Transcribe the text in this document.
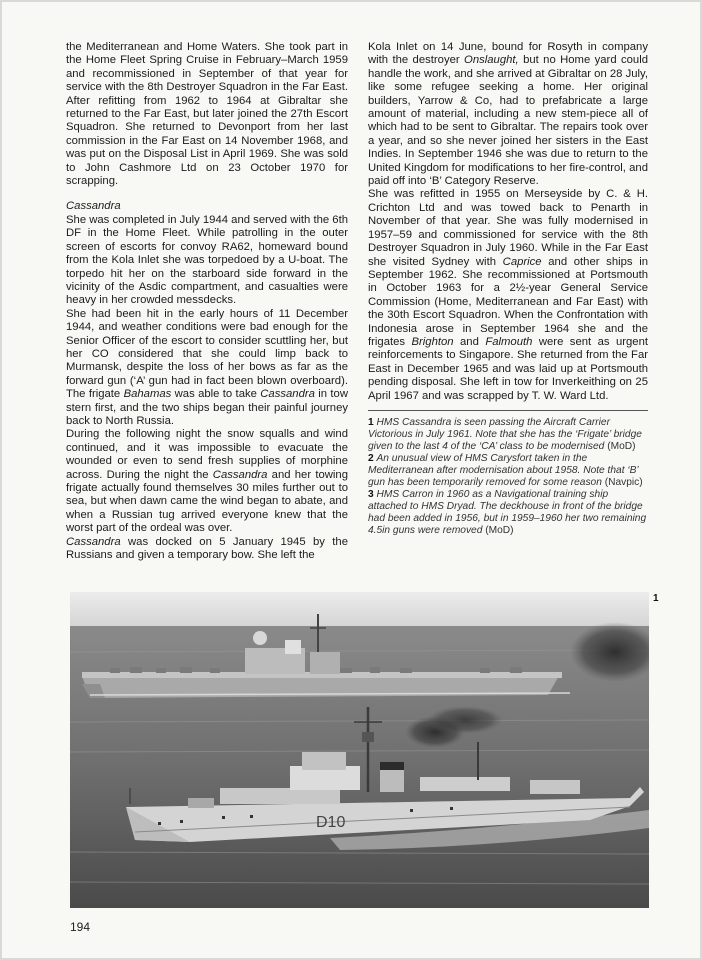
the Mediterranean and Home Waters. She took part in the Home Fleet Spring Cruise in February–March 1959 and recommissioned in September of that year for service with the 8th Destroyer Squadron in the Far East. After refitting from 1962 to 1964 at Gibraltar she returned to the Far East, but later joined the 27th Escort Squadron. She returned to Devonport from her last commission in the Far East on 14 November 1968, and was put on the Disposal List in April 1969. She was sold to John Cashmore Ltd on 23 October 1970 for scrapping.

Cassandra

She was completed in July 1944 and served with the 6th DF in the Home Fleet. While patrolling in the outer screen of escorts for convoy RA62, homeward bound from the Kola Inlet she was torpedoed by a U-boat. The torpedo hit her on the starboard side forward in the vicinity of the Asdic compartment, and casualties were heavy in her crowded messdecks.

She had been hit in the early hours of 11 December 1944, and weather conditions were bad enough for the Senior Officer of the escort to consider scuttling her, but her CO considered that she could limp back to Murmansk, despite the loss of her bows as far as the forward gun (‘A’ gun had in fact been blown overboard). The frigate Bahamas was able to take Cassandra in tow stern first, and the two ships began their painful journey back to North Russia.

During the following night the snow squalls and wind continued, and it was impossible to evacuate the wounded or even to send fresh supplies of morphine across. During the night the Cassandra and her towing frigate actually found themselves 30 miles further out to sea, but when dawn came the wind began to abate, and when a Russian tug arrived everyone knew that the worst part of the ordeal was over.

Cassandra was docked on 5 January 1945 by the Russians and given a temporary bow. She left the

Kola Inlet on 14 June, bound for Rosyth in company with the destroyer Onslaught, but no Home yard could handle the work, and she arrived at Gibraltar on 28 July, like some refugee seeking a home. Her original builders, Yarrow & Co, had to prefabricate a large amount of material, including a new stem-piece all of which had to be sent to Gibraltar. The repairs took over a year, and so she never joined her sisters in the East Indies. In September 1946 she was due to return to the United Kingdom for modifications to her fire-control, and paid off into ‘B’ Category Reserve.

She was refitted in 1955 on Merseyside by C. & H. Crichton Ltd and was towed back to Penarth in November of that year. She was fully modernised in 1957–59 and commissioned for service with the 8th Destroyer Squadron in July 1960. While in the Far East she visited Sydney with Caprice and other ships in September 1962. She recommissioned at Portsmouth in October 1963 for a 2½-year General Service Commission (Home, Mediterranean and Far East) with the 30th Escort Squadron. When the Confrontation with Indonesia arose in September 1964 she and the frigates Brighton and Falmouth were sent as urgent reinforcements to Singapore. She returned from the Far East in December 1965 and was laid up at Portsmouth pending disposal. She left in tow for Inverkeithing on 25 April 1967 and was scrapped by T. W. Ward Ltd.

1 HMS Cassandra is seen passing the Aircraft Carrier Victorious in July 1961. Note that she has the ‘Frigate’ bridge given to the last 4 of the ‘CA’ class to be modernised (MoD)

2 An unusual view of HMS Carysfort taken in the Mediterranean after modernisation about 1958. Note that ‘B’ gun has been temporarily removed for some reason (Navpic)

3 HMS Carron in 1960 as a Navigational training ship attached to HMS Dryad. The deckhouse in front of the bridge had been added in 1956, but in 1959–1960 her two remaining 4.5in guns were removed (MoD)

D10
1
194
